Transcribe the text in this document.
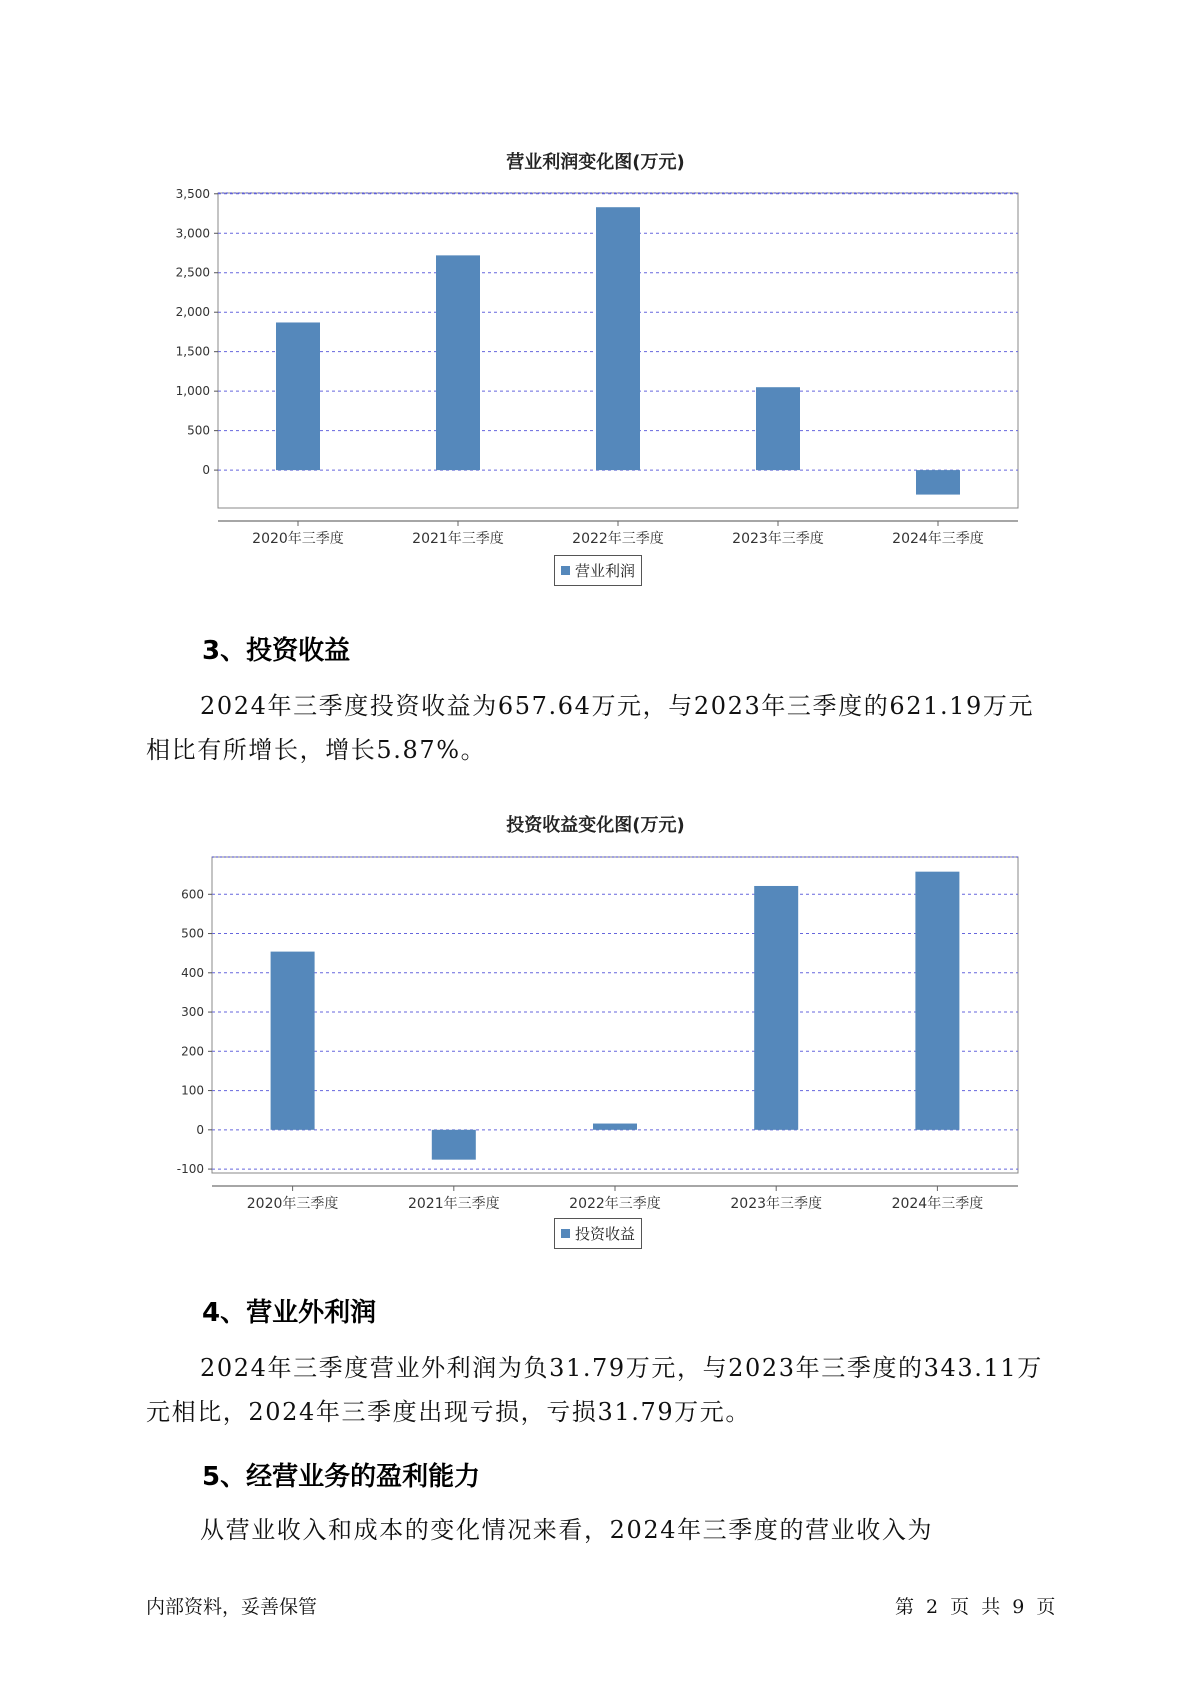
营业利润变化图(万元)
0
500
1,000
1,500
2,000
2,500
3,000
3,500
2020年三季度	2021年三季度	2022年三季度	2023年三季度	2024年三季度
营业利润
3、投资收益
2024年三季度投资收益为657.64万元，与2023年三季度的621.19万元相比有所增长，增长5.87%。
投资收益变化图(万元)
-100
0
100
200
300
400
500
600
2020年三季度	2021年三季度	2022年三季度	2023年三季度	2024年三季度
投资收益
4、营业外利润
2024年三季度营业外利润为负31.79万元，与2023年三季度的343.11万元相比，2024年三季度出现亏损，亏损31.79万元。
5、经营业务的盈利能力
从营业收入和成本的变化情况来看，2024年三季度的营业收入为
内部资料，妥善保管	第 2 页 共 9 页
